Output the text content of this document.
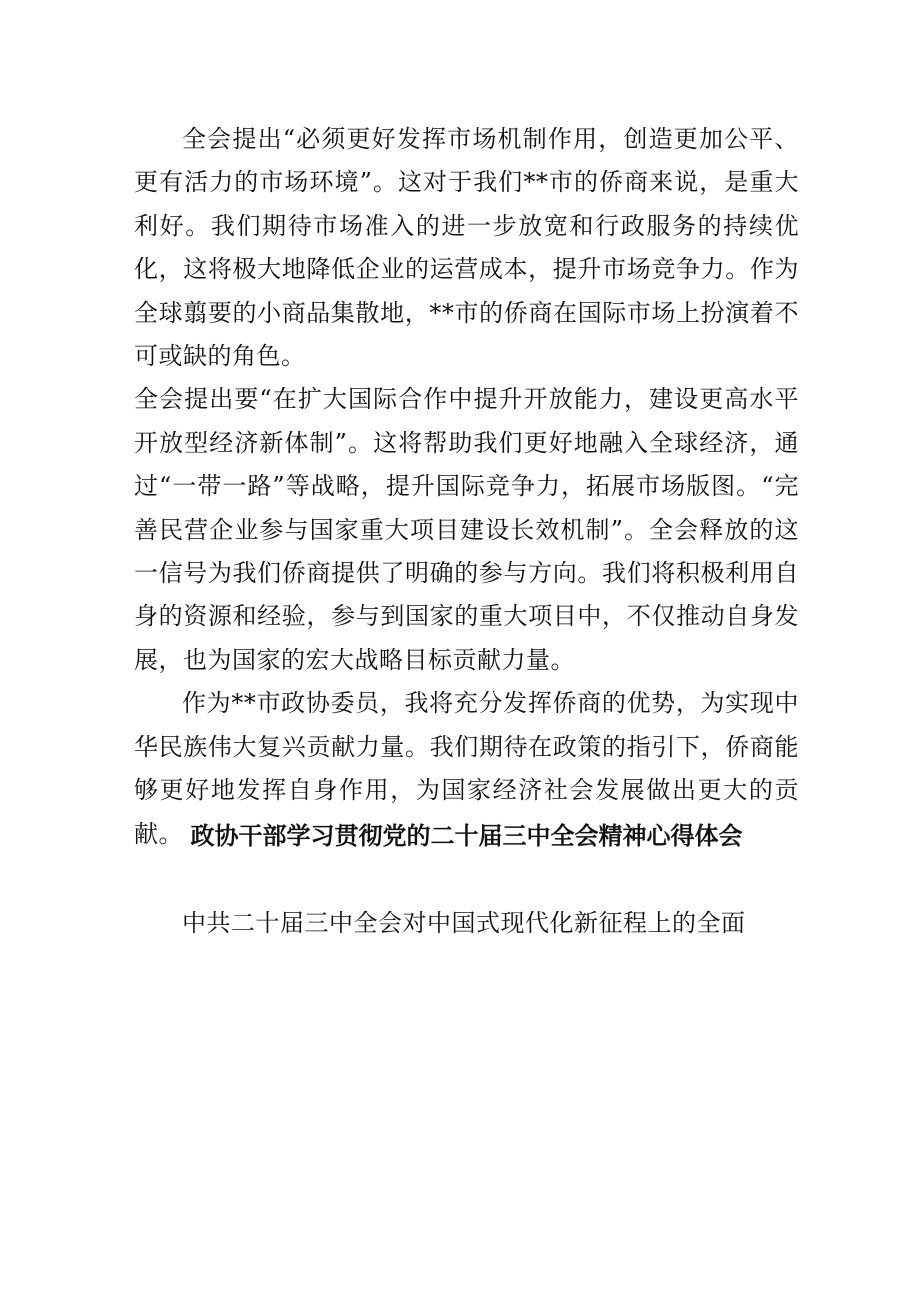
全会提出“必须更好发挥市场机制作用，创造更加公平、更有活力的市场环境”。这对于我们**市的侨商来说，是重大利好。我们期待市场准入的进一步放宽和行政服务的持续优化，这将极大地降低企业的运营成本，提升市场竞争力。作为全球翦要的小商品集散地，**市的侨商在国际市场上扮演着不可或缺的角色。

全会提出要“在扩大国际合作中提升开放能力，建设更高水平开放型经济新体制”。这将帮助我们更好地融入全球经济，通过“一带一路”等战略，提升国际竞争力，拓展市场版图。“完善民营企业参与国家重大项目建设长效机制”。全会释放的这一信号为我们侨商提供了明确的参与方向。我们将积极利用自身的资源和经验，参与到国家的重大项目中，不仅推动自身发展，也为国家的宏大战略目标贡献力量。

作为**市政协委员，我将充分发挥侨商的优势，为实现中华民族伟大复兴贡献力量。我们期待在政策的指引下，侨商能够更好地发挥自身作用，为国家经济社会发展做出更大的贡献。 政协干部学习贯彻党的二十届三中全会精神心得体会

中共二十届三中全会对中国式现代化新征程上的全面
